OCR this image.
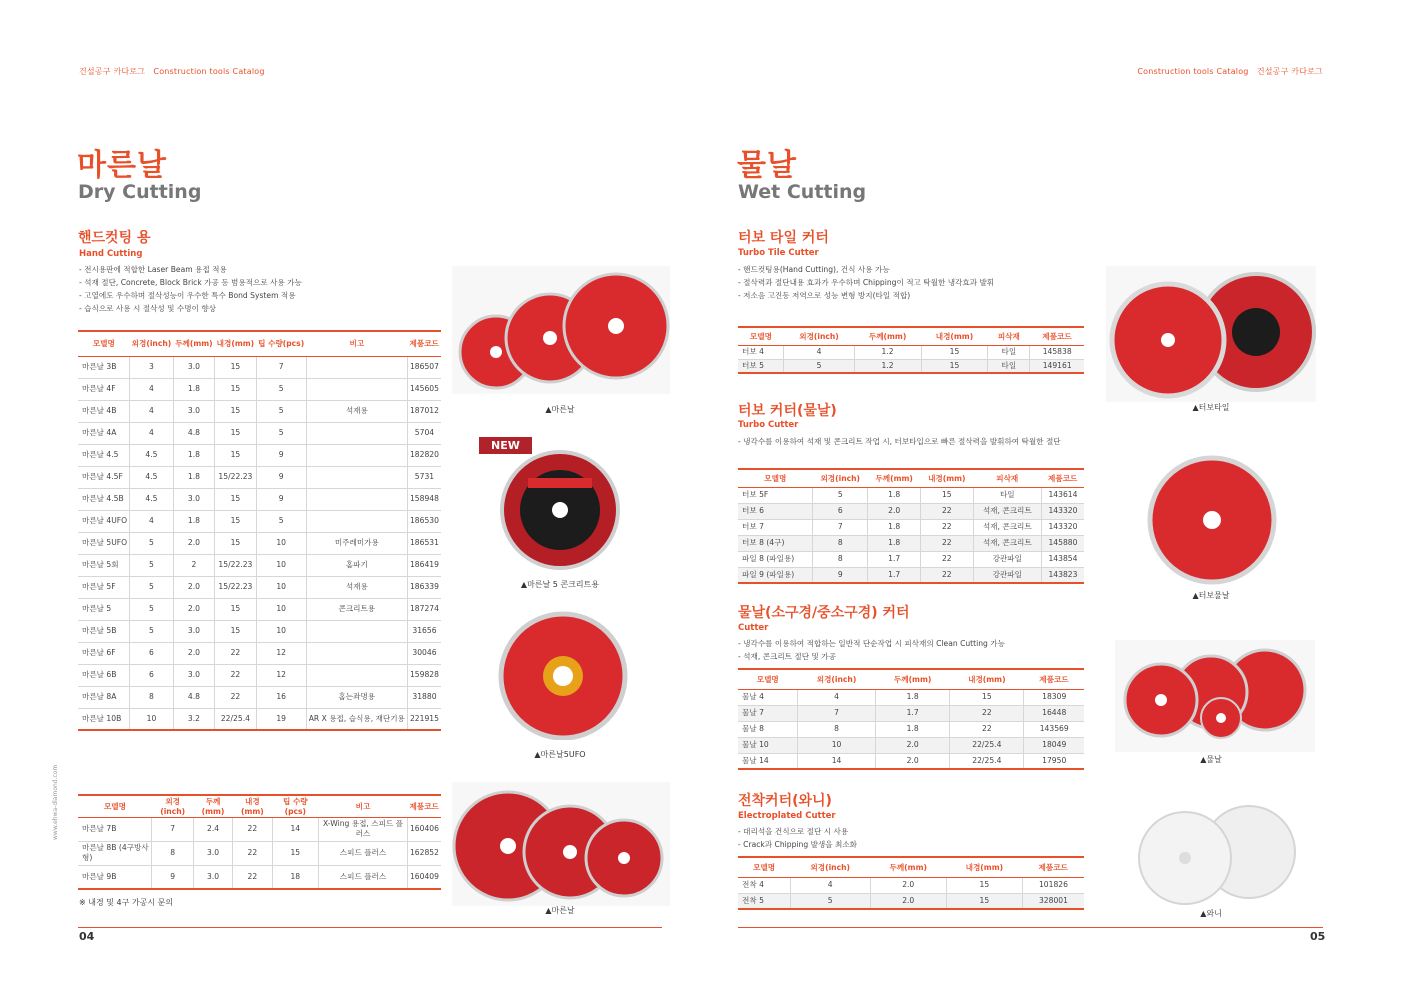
건설공구 카다로그 Construction tools Catalog
마른날
Dry Cutting
핸드컷팅 용
Hand Cutting
- 전시용판에 적합한 Laser Beam 용접 적용
- 석재 절단, Concrete, Block Brick 가공 등 범용적으로 사용 가능
- 고열에도 우수하며 절삭성능이 우수한 특수 Bond System 적용
- 습식으로 사용 시 절삭성 및 수명이 향상
모델명	외경(inch)	두께(mm)	내경(mm)	팁 수량(pcs)	비고	제품코드
마른날 3B	3	3.0	15	7		186507
마른날 4F	4	1.8	15	5		145605
마른날 4B	4	3.0	15	5	석재용	187012
마른날 4A	4	4.8	15	5		5704
마른날 4.5	4.5	1.8	15	9		182820
마른날 4.5F	4.5	1.8	15/22.23	9		5731
마른날 4.5B	4.5	3.0	15	9		158948
마른날 4UFO	4	1.8	15	5		186530
마른날 5UFO	5	2.0	15	10	미주레미가용	186531
마른날 5회	5	2	15/22.23	10	홈파기	186419
마른날 5F	5	2.0	15/22.23	10	석재용	186339
마른날 5	5	2.0	15	10	콘크리트용	187274
마른날 5B	5	3.0	15	10		31656
마른날 6F	6	2.0	22	12		30046
마른날 6B	6	3.0	22	12		159828
마른날 8A	8	4.8	22	16	홈는좌명용	31880
마른날 10B	10	3.2	22/25.4	19	AR X 용접, 습식용, 재단기용	221915
모델명	외경(inch)	두께(mm)	내경(mm)	팁 수량(pcs)	비고	제품코드
마른날 7B	7	2.4	22	14	X-Wing 용접, 스피드 플러스	160406
마른날 8B (4구방사형)	8	3.0	22	15	스피드 플러스	162852
마른날 9B	9	3.0	22	18	스피드 플러스	160409
※ 내경 및 4구 가공시 문의
▲마른날
NEW
▲마른날 5 콘크리트용
▲마른날5UFO
▲마른날
www.ehwa-diamond.com
04
Construction tools Catalog 건설공구 카다로그
물날
Wet Cutting
터보 타일 커터
Turbo Tile Cutter
- 핸드컷팅용(Hand Cutting), 건식 사용 가능
- 절삭력과 절단내용 효과가 우수하며 Chipping이 적고 탁월한 냉각효과 발휘
- 저소음 고진동 저역으로 성능 변형 방지(타일 적합)
모델명	외경(inch)	두께(mm)	내경(mm)	피삭재	제품코드
터보 4	4	1.2	15	타일	145838
터보 5	5	1.2	15	타일	149161
터보 커터(물날)
Turbo Cutter
- 냉각수를 이용하여 석재 및 콘크리트 작업 시, 터보타입으로 빠른 절삭력을 발휘하여 탁월한 절단
모델명	외경(inch)	두께(mm)	내경(mm)	피삭재	제품코드
터보 5F	5	1.8	15	타일	143614
터보 6	6	2.0	22	석재, 콘크리트	143320
터보 7	7	1.8	22	석재, 콘크리트	143320
터보 8 (4구)	8	1.8	22	석재, 콘크리트	145880
파일 8 (파일용)	8	1.7	22	강관파일	143854
파일 9 (파일용)	9	1.7	22	강관파일	143823
물날(소구경/중소구경) 커터
Cutter
- 냉각수를 이용하여 적합하는 일반적 단순작업 시 피삭재의 Clean Cutting 가능
- 석재, 콘크리트 절단 및 가공
모델명	외경(inch)	두께(mm)	내경(mm)	제품코드
물날 4	4	1.8	15	18309
물날 7	7	1.7	22	16448
물날 8	8	1.8	22	143569
물날 10	10	2.0	22/25.4	18049
물날 14	14	2.0	22/25.4	17950
전착커터(와니)
Electroplated Cutter
- 대리석을 건식으로 절단 시 사용
- Crack과 Chipping 발생을 최소화
모델명	외경(inch)	두께(mm)	내경(mm)	제품코드
전착 4	4	2.0	15	101826
전착 5	5	2.0	15	328001
▲터보타일
▲터보물날
▲물날
▲와니
05
